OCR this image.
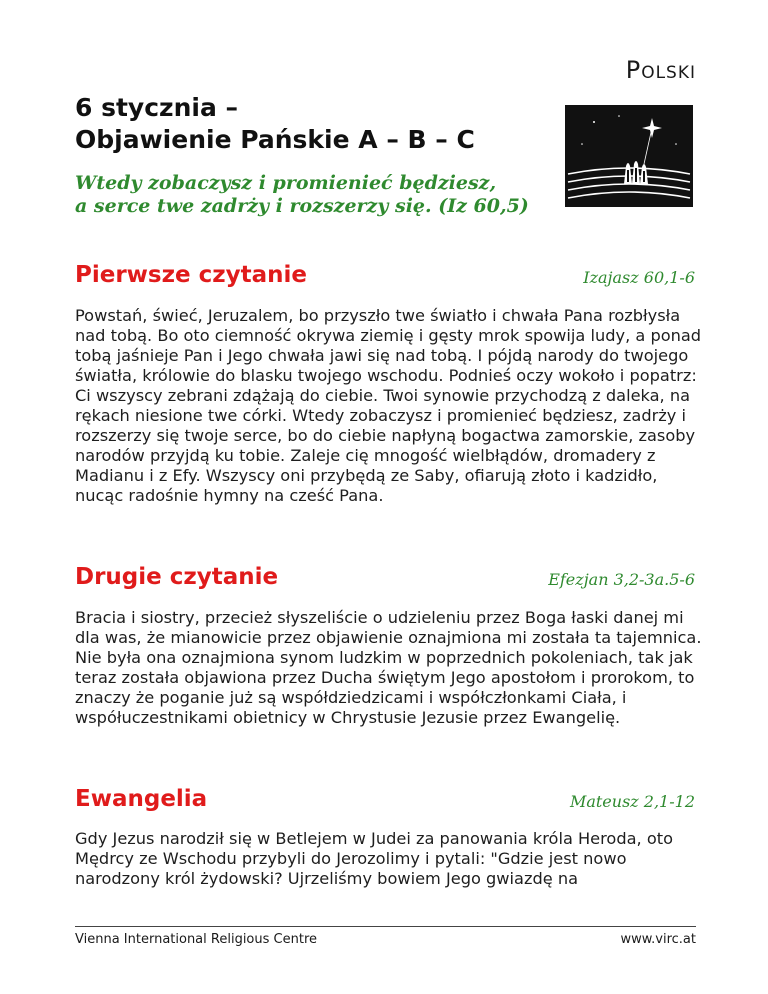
Polski
6 stycznia –
Objawienie Pańskie A – B – C
Wtedy zobaczysz i promienieć będziesz,
a serce twe zadrży i rozszerzy się. (Iz 60,5)
Pierwsze czytanie	Izajasz 60,1-6
Powstań, świeć, Jeruzalem, bo przyszło twe światło i chwała Pana rozbłysła nad tobą. Bo oto ciemność okrywa ziemię i gęsty mrok spowija ludy, a ponad tobą jaśnieje Pan i Jego chwała jawi się nad tobą. I pójdą narody do twojego światła, królowie do blasku twojego wschodu. Podnieś oczy wokoło i popatrz: Ci wszyscy zebrani zdążają do ciebie. Twoi synowie przychodzą z daleka, na rękach niesione twe córki. Wtedy zobaczysz i promienieć będziesz, zadrży i rozszerzy się twoje serce, bo do ciebie napłyną bogactwa zamorskie, zasoby narodów przyjdą ku tobie. Zaleje cię mnogość wielbłądów, dromadery z Madianu i z Efy. Wszyscy oni przybędą ze Saby, ofiarują złoto i kadzidło, nucąc radośnie hymny na cześć Pana.
Drugie czytanie	Efezjan 3,2-3a.5-6
Bracia i siostry, przecież słyszeliście o udzieleniu przez Boga łaski danej mi dla was, że mianowicie przez objawienie oznajmiona mi została ta tajemnica. Nie była ona oznajmiona synom ludzkim w poprzednich pokoleniach, tak jak teraz została objawiona przez Ducha świętym Jego apostołom i prorokom, to znaczy że poganie już są współdziedzicami i współczłonkami Ciała, i współuczestnikami obietnicy w Chrystusie Jezusie przez Ewangelię.
Ewangelia	Mateusz 2,1-12
Gdy Jezus narodził się w Betlejem w Judei za panowania króla Heroda, oto Mędrcy ze Wschodu przybyli do Jerozolimy i pytali: "Gdzie jest nowo narodzony król żydowski? Ujrzeliśmy bowiem Jego gwiazdę na
Vienna International Religious Centre	www.virc.at
